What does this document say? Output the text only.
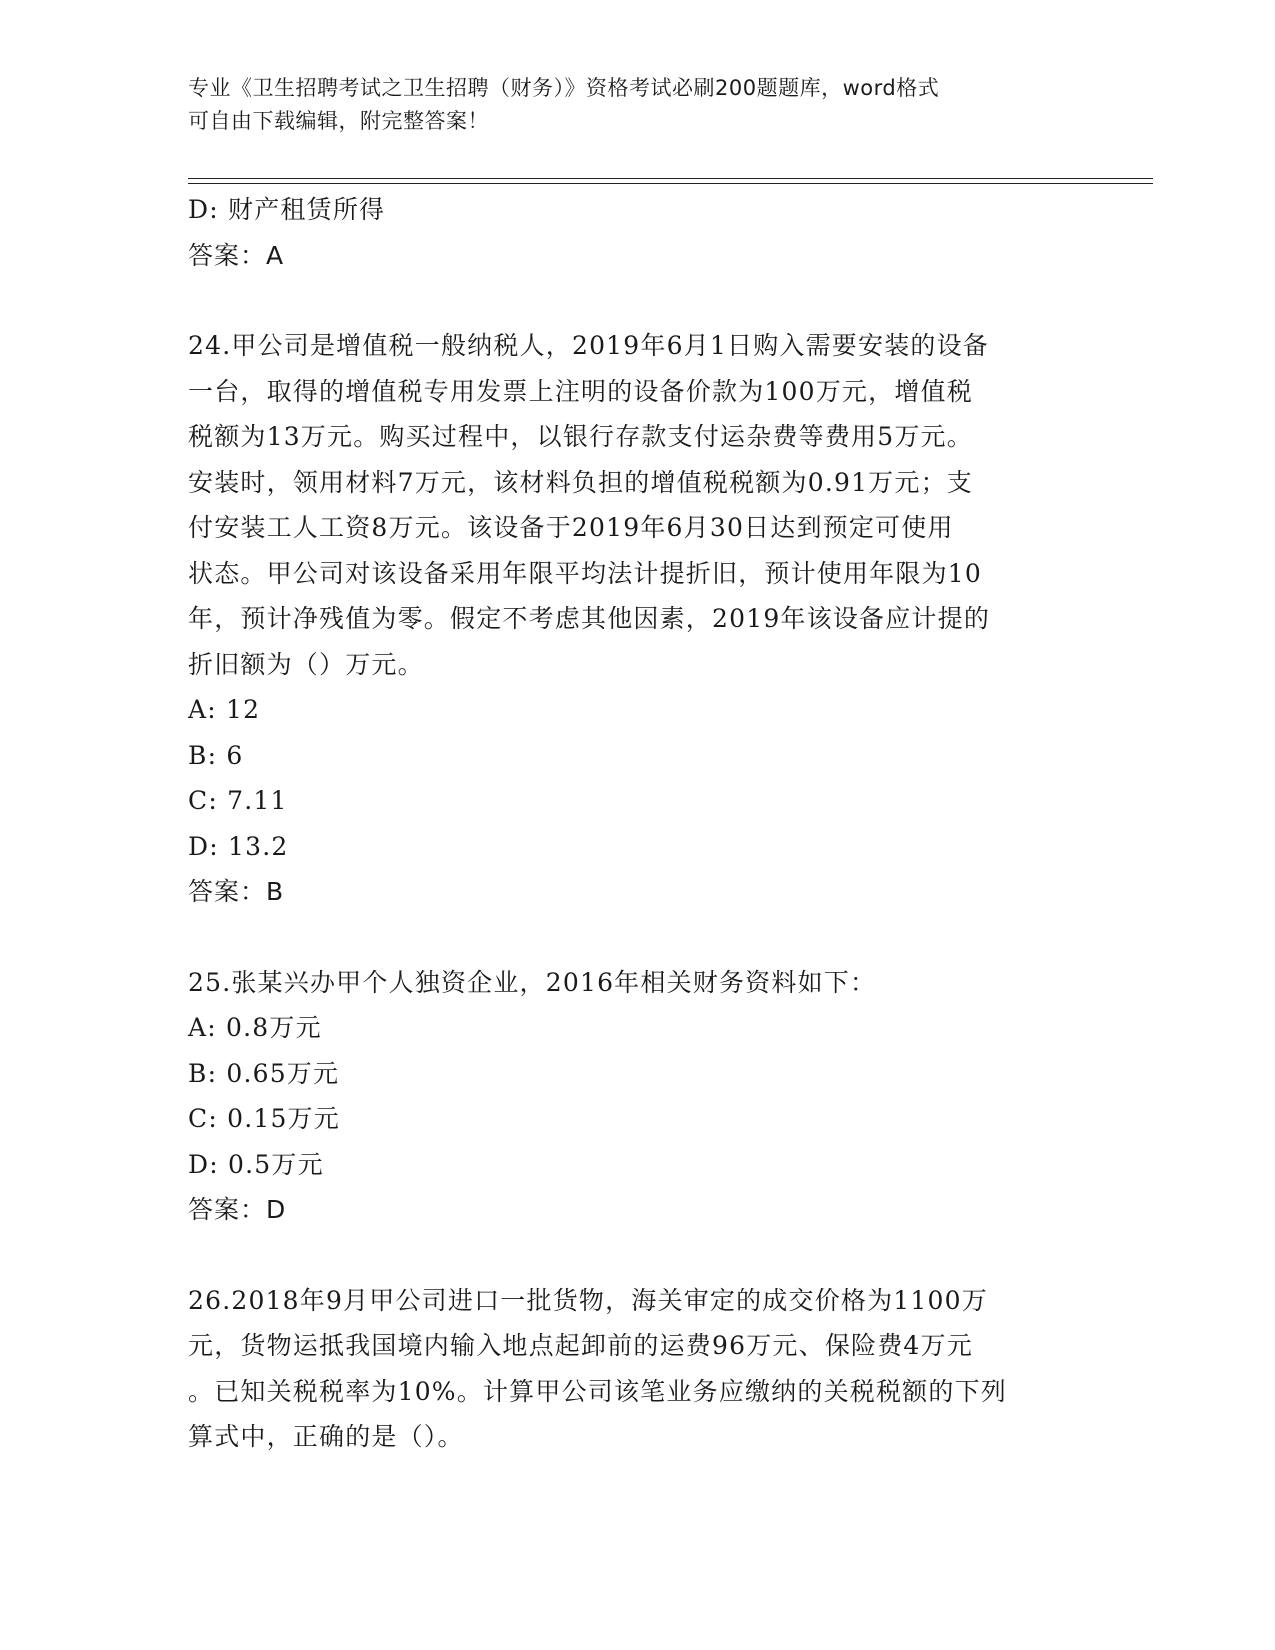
专业《卫生招聘考试之卫生招聘（财务）》资格考试必刷200题题库，word格式
可自由下载编辑，附完整答案！
D: 财产租赁所得
答案：A
24.甲公司是增值税一般纳税人，2019年6月1日购入需要安装的设备
一台，取得的增值税专用发票上注明的设备价款为100万元，增值税
税额为13万元。购买过程中，以银行存款支付运杂费等费用5万元。
安装时，领用材料7万元，该材料负担的增值税税额为0.91万元；支
付安装工人工资8万元。该设备于2019年6月30日达到预定可使用
状态。甲公司对该设备采用年限平均法计提折旧，预计使用年限为10
年，预计净残值为零。假定不考虑其他因素，2019年该设备应计提的
折旧额为（）万元。
A: 12
B: 6
C: 7.11
D: 13.2
答案：B
25.张某兴办甲个人独资企业，2016年相关财务资料如下：
A: 0.8万元
B: 0.65万元
C: 0.15万元
D: 0.5万元
答案：D
26.2018年9月甲公司进口一批货物，海关审定的成交价格为1100万
元，货物运抵我国境内输入地点起卸前的运费96万元、保险费4万元
。已知关税税率为10%。计算甲公司该笔业务应缴纳的关税税额的下列
算式中，正确的是（）。
